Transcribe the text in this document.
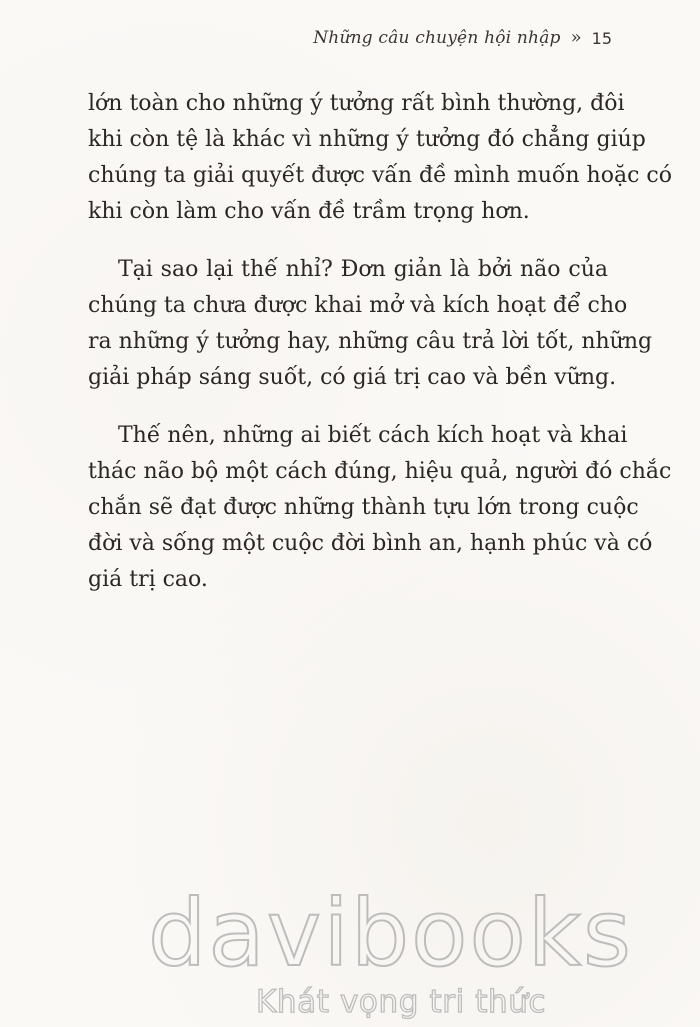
Những câu chuyện hội nhập » 15

lớn toàn cho những ý tưởng rất bình thường, đôi
khi còn tệ là khác vì những ý tưởng đó chẳng giúp
chúng ta giải quyết được vấn đề mình muốn hoặc có
khi còn làm cho vấn đề trầm trọng hơn.

Tại sao lại thế nhỉ? Đơn giản là bởi não của
chúng ta chưa được khai mở và kích hoạt để cho
ra những ý tưởng hay, những câu trả lời tốt, những
giải pháp sáng suốt, có giá trị cao và bền vững.

Thế nên, những ai biết cách kích hoạt và khai
thác não bộ một cách đúng, hiệu quả, người đó chắc
chắn sẽ đạt được những thành tựu lớn trong cuộc
đời và sống một cuộc đời bình an, hạnh phúc và có
giá trị cao.

davibooks
Khát vọng tri thức
